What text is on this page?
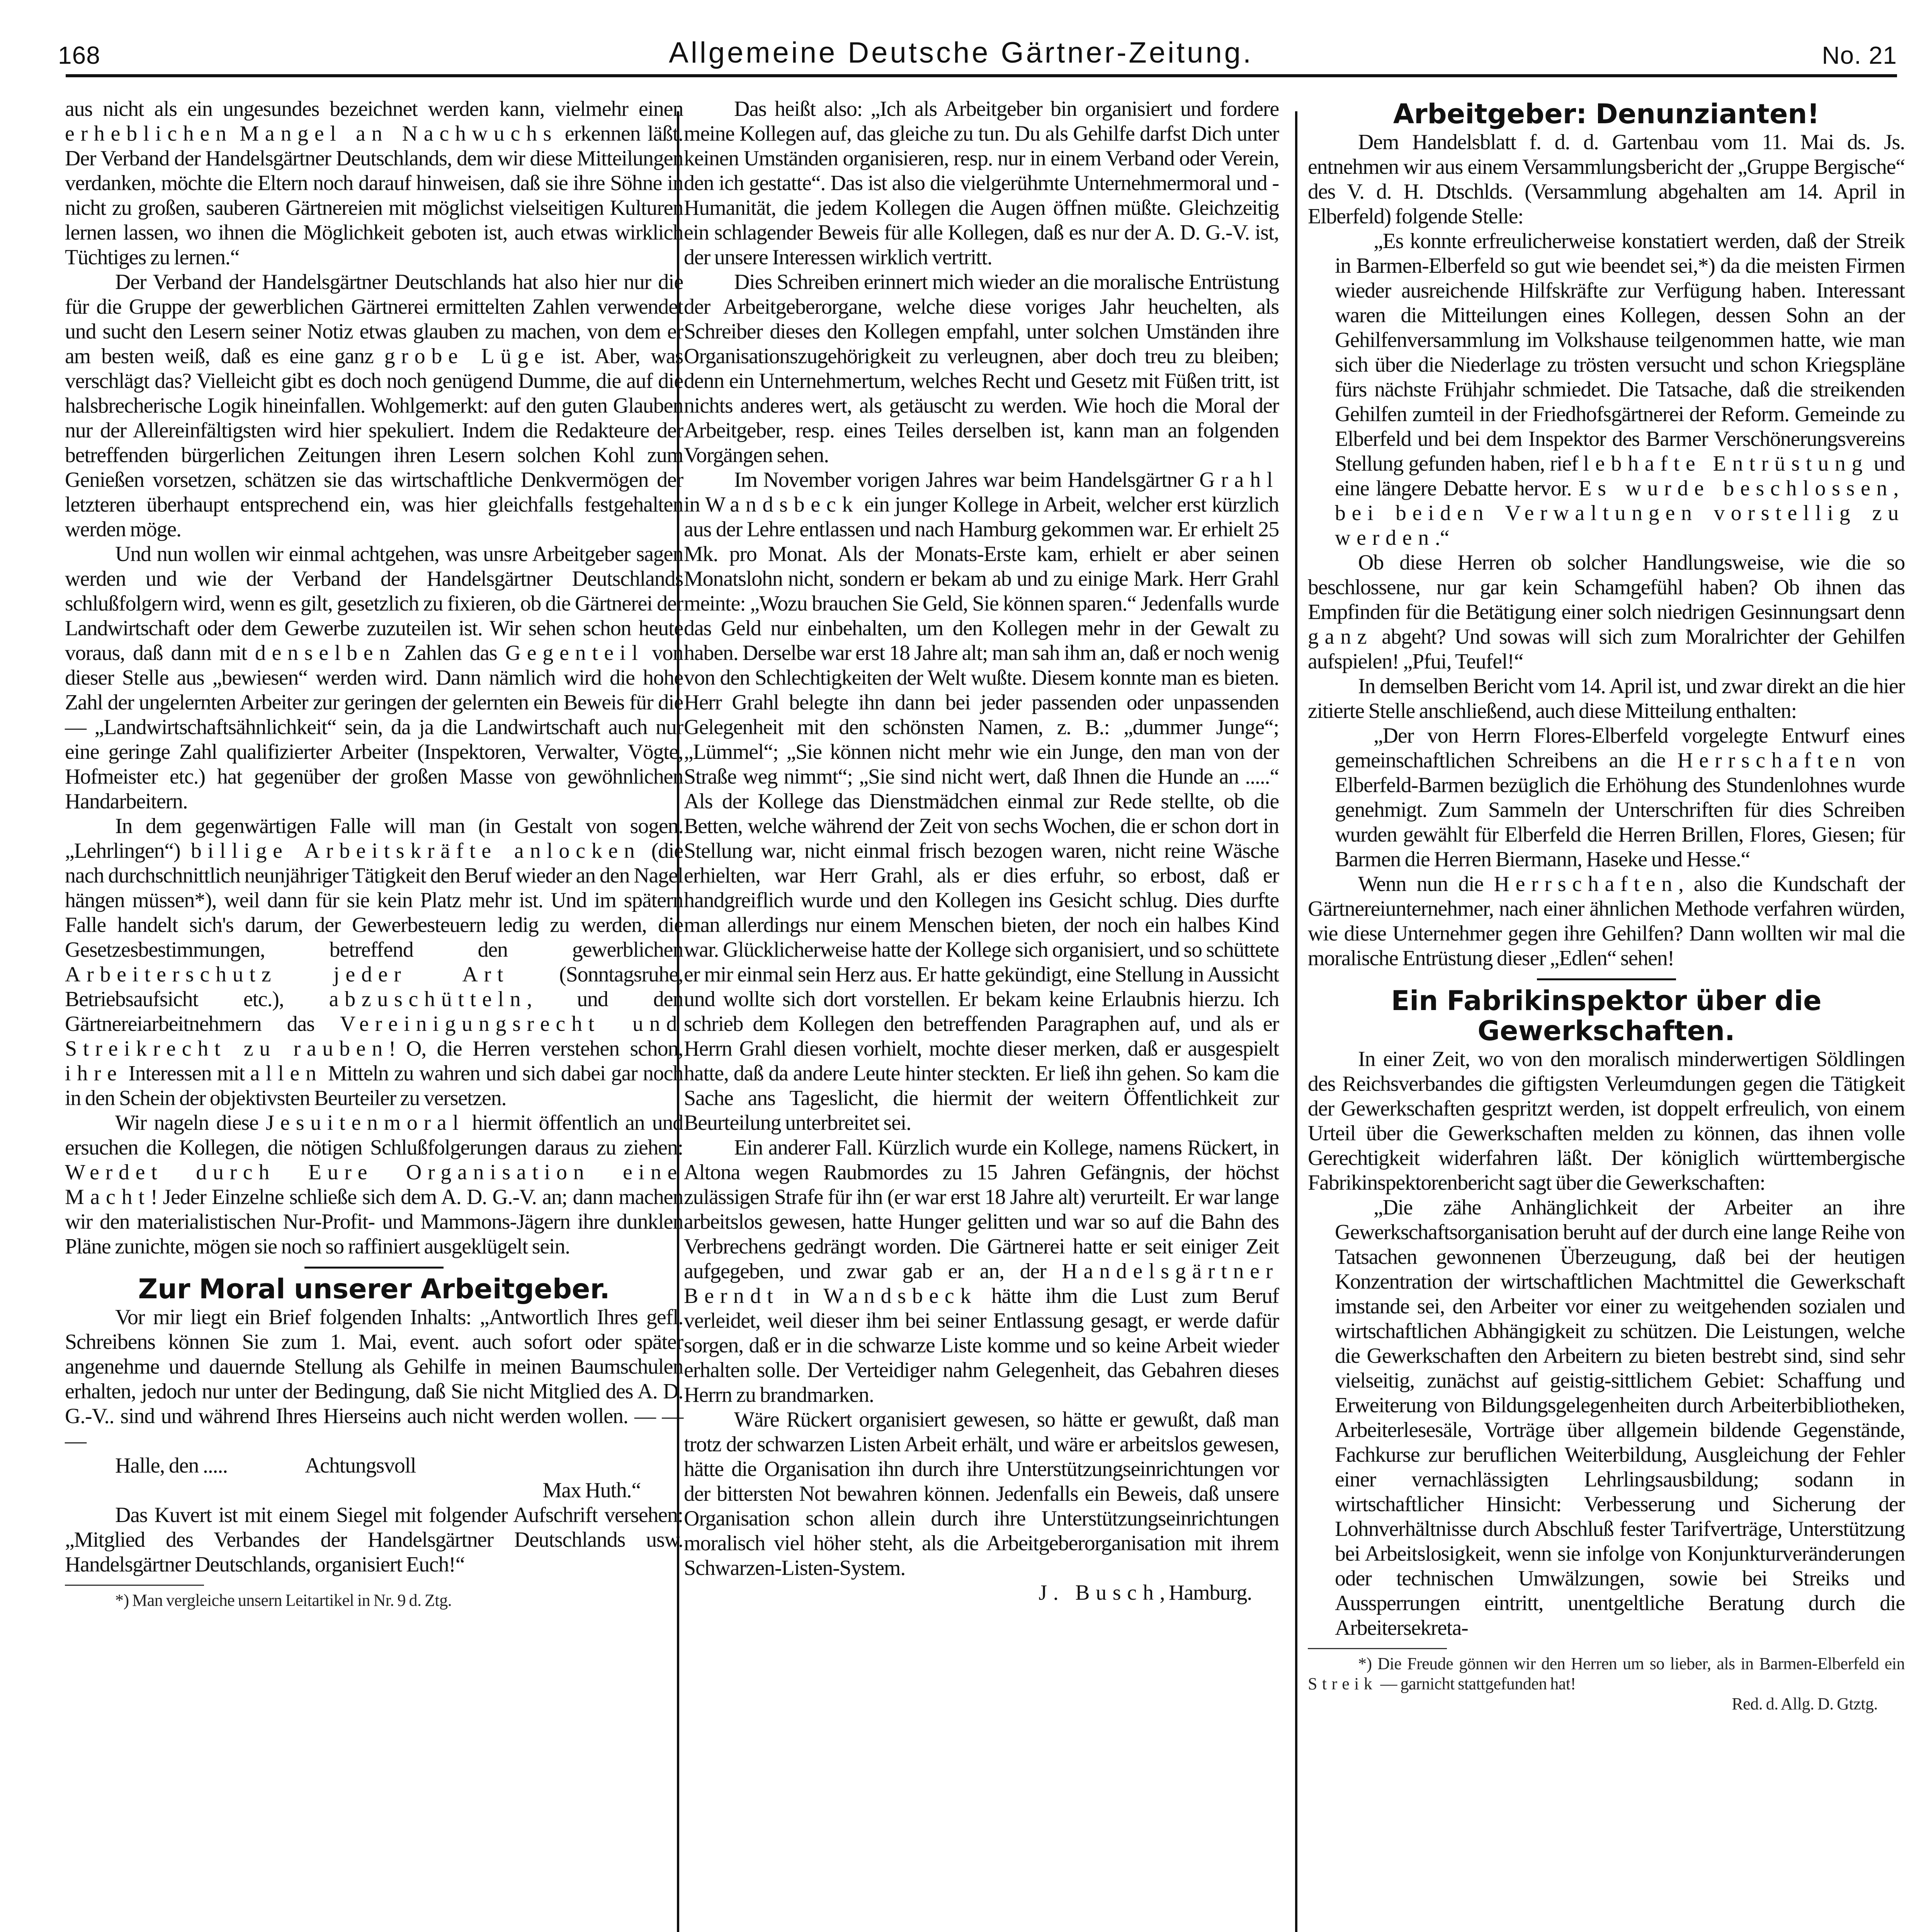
168	Allgemeine Deutsche Gärtner-Zeitung.	No. 21

aus nicht als ein ungesundes bezeichnet werden kann, vielmehr einen erheblichen Mangel an Nachwuchs erkennen läßt. Der Verband der Handelsgärtner Deutschlands, dem wir diese Mitteilungen verdanken, möchte die Eltern noch darauf hinweisen, daß sie ihre Söhne in nicht zu großen, sauberen Gärtnereien mit möglichst vielseitigen Kulturen lernen lassen, wo ihnen die Möglichkeit geboten ist, auch etwas wirklich Tüchtiges zu lernen.“

Der Verband der Handelsgärtner Deutschlands hat also hier nur die für die Gruppe der gewerblichen Gärtnerei ermittelten Zahlen verwendet und sucht den Lesern seiner Notiz etwas glauben zu machen, von dem er am besten weiß, daß es eine ganz grobe Lüge ist. Aber, was verschlägt das? Vielleicht gibt es doch noch genügend Dumme, die auf die halsbrecherische Logik hineinfallen. Wohlgemerkt: auf den guten Glauben nur der Allereinfältigsten wird hier spekuliert. Indem die Redakteure der betreffenden bürgerlichen Zeitungen ihren Lesern solchen Kohl zum Genießen vorsetzen, schätzen sie das wirtschaftliche Denkvermögen der letzteren überhaupt entsprechend ein, was hier gleichfalls festgehalten werden möge.

Und nun wollen wir einmal achtgehen, was unsre Arbeitgeber sagen werden und wie der Verband der Handelsgärtner Deutschlands schlußfolgern wird, wenn es gilt, gesetzlich zu fixieren, ob die Gärtnerei der Landwirtschaft oder dem Gewerbe zuzuteilen ist. Wir sehen schon heute voraus, daß dann mit denselben Zahlen das Gegenteil von dieser Stelle aus „bewiesen“ werden wird. Dann nämlich wird die hohe Zahl der ungelernten Arbeiter zur geringen der gelernten ein Beweis für die — „Landwirtschaftsähnlichkeit“ sein, da ja die Landwirtschaft auch nur eine geringe Zahl qualifizierter Arbeiter (Inspektoren, Verwalter, Vögte, Hofmeister etc.) hat gegenüber der großen Masse von gewöhnlichen Handarbeitern.

In dem gegenwärtigen Falle will man (in Gestalt von sogen. „Lehrlingen“) billige Arbeitskräfte anlocken (die nach durchschnittlich neunjähriger Tätigkeit den Beruf wieder an den Nagel hängen müssen*), weil dann für sie kein Platz mehr ist. Und im spätern Falle handelt sich's darum, der Gewerbesteuern ledig zu werden, die Gesetzesbestimmungen, betreffend den gewerblichen Arbeiterschutz jeder Art (Sonntagsruhe, Betriebsaufsicht etc.), abzuschütteln, und den Gärtnereiarbeitnehmern das Vereinigungsrecht und Streikrecht zu rauben! O, die Herren verstehen schon, ihre Interessen mit allen Mitteln zu wahren und sich dabei gar noch in den Schein der objektivsten Beurteiler zu versetzen.

Wir nageln diese Jesuitenmoral hiermit öffentlich an und ersuchen die Kollegen, die nötigen Schlußfolgerungen daraus zu ziehen: Werdet durch Eure Organisation eine Macht! Jeder Einzelne schließe sich dem A. D. G.-V. an; dann machen wir den materialistischen Nur-Profit- und Mammons-Jägern ihre dunklen Pläne zunichte, mögen sie noch so raffiniert ausgeklügelt sein.

Zur Moral unserer Arbeitgeber.

Vor mir liegt ein Brief folgenden Inhalts: „Antwortlich Ihres gefl. Schreibens können Sie zum 1. Mai, event. auch sofort oder später angenehme und dauernde Stellung als Gehilfe in meinen Baumschulen erhalten, jedoch nur unter der Bedingung, daß Sie nicht Mitglied des A. D. G.-V.. sind und während Ihres Hierseins auch nicht werden wollen. — — —

Halle, den .....	Achtungsvoll
Max Huth.“

Das Kuvert ist mit einem Siegel mit folgender Aufschrift versehen: „Mitglied des Verbandes der Handelsgärtner Deutschlands usw. Handelsgärtner Deutschlands, organisiert Euch!“

*) Man vergleiche unsern Leitartikel in Nr. 9 d. Ztg.

Das heißt also: „Ich als Arbeitgeber bin organisiert und fordere meine Kollegen auf, das gleiche zu tun. Du als Gehilfe darfst Dich unter keinen Umständen organisieren, resp. nur in einem Verband oder Verein, den ich gestatte“. Das ist also die vielgerühmte Unternehmermoral und -Humanität, die jedem Kollegen die Augen öffnen müßte. Gleichzeitig ein schlagender Beweis für alle Kollegen, daß es nur der A. D. G.-V. ist, der unsere Interessen wirklich vertritt.

Dies Schreiben erinnert mich wieder an die moralische Entrüstung der Arbeitgeberorgane, welche diese voriges Jahr heuchelten, als Schreiber dieses den Kollegen empfahl, unter solchen Umständen ihre Organisationszugehörigkeit zu verleugnen, aber doch treu zu bleiben; denn ein Unternehmertum, welches Recht und Gesetz mit Füßen tritt, ist nichts anderes wert, als getäuscht zu werden. Wie hoch die Moral der Arbeitgeber, resp. eines Teiles derselben ist, kann man an folgenden Vorgängen sehen.

Im November vorigen Jahres war beim Handelsgärtner Grahl in Wandsbeck ein junger Kollege in Arbeit, welcher erst kürzlich aus der Lehre entlassen und nach Hamburg gekommen war. Er erhielt 25 Mk. pro Monat. Als der Monats-Erste kam, erhielt er aber seinen Monatslohn nicht, sondern er bekam ab und zu einige Mark. Herr Grahl meinte: „Wozu brauchen Sie Geld, Sie können sparen.“ Jedenfalls wurde das Geld nur einbehalten, um den Kollegen mehr in der Gewalt zu haben. Derselbe war erst 18 Jahre alt; man sah ihm an, daß er noch wenig von den Schlechtigkeiten der Welt wußte. Diesem konnte man es bieten. Herr Grahl belegte ihn dann bei jeder passenden oder unpassenden Gelegenheit mit den schönsten Namen, z. B.: „dummer Junge“; „Lümmel“; „Sie können nicht mehr wie ein Junge, den man von der Straße weg nimmt“; „Sie sind nicht wert, daß Ihnen die Hunde an .....“ Als der Kollege das Dienstmädchen einmal zur Rede stellte, ob die Betten, welche während der Zeit von sechs Wochen, die er schon dort in Stellung war, nicht einmal frisch bezogen waren, nicht reine Wäsche erhielten, war Herr Grahl, als er dies erfuhr, so erbost, daß er handgreiflich wurde und den Kollegen ins Gesicht schlug. Dies durfte man allerdings nur einem Menschen bieten, der noch ein halbes Kind war. Glücklicherweise hatte der Kollege sich organisiert, und so schüttete er mir einmal sein Herz aus. Er hatte gekündigt, eine Stellung in Aussicht und wollte sich dort vorstellen. Er bekam keine Erlaubnis hierzu. Ich schrieb dem Kollegen den betreffenden Paragraphen auf, und als er Herrn Grahl diesen vorhielt, mochte dieser merken, daß er ausgespielt hatte, daß da andere Leute hinter steckten. Er ließ ihn gehen. So kam die Sache ans Tageslicht, die hiermit der weitern Öffentlichkeit zur Beurteilung unterbreitet sei.

Ein anderer Fall. Kürzlich wurde ein Kollege, namens Rückert, in Altona wegen Raubmordes zu 15 Jahren Gefängnis, der höchst zulässigen Strafe für ihn (er war erst 18 Jahre alt) verurteilt. Er war lange arbeitslos gewesen, hatte Hunger gelitten und war so auf die Bahn des Verbrechens gedrängt worden. Die Gärtnerei hatte er seit einiger Zeit aufgegeben, und zwar gab er an, der Handelsgärtner Berndt in Wandsbeck hätte ihm die Lust zum Beruf verleidet, weil dieser ihm bei seiner Entlassung gesagt, er werde dafür sorgen, daß er in die schwarze Liste komme und so keine Arbeit wieder erhalten solle. Der Verteidiger nahm Gelegenheit, das Gebahren dieses Herrn zu brandmarken.

Wäre Rückert organisiert gewesen, so hätte er gewußt, daß man trotz der schwarzen Listen Arbeit erhält, und wäre er arbeitslos gewesen, hätte die Organisation ihn durch ihre Unterstützungseinrichtungen vor der bittersten Not bewahren können. Jedenfalls ein Beweis, daß unsere Organisation schon allein durch ihre Unterstützungseinrichtungen moralisch viel höher steht, als die Arbeitgeberorganisation mit ihrem Schwarzen-Listen-System.

J. Busch, Hamburg.
Arbeitgeber: Denunzianten!

Dem Handelsblatt f. d. d. Gartenbau vom 11. Mai ds. Js. entnehmen wir aus einem Versammlungsbericht der „Gruppe Bergische“ des V. d. H. Dtschlds. (Versammlung abgehalten am 14. April in Elberfeld) folgende Stelle:

„Es konnte erfreulicherweise konstatiert werden, daß der Streik in Barmen-Elberfeld so gut wie beendet sei,*) da die meisten Firmen wieder ausreichende Hilfskräfte zur Verfügung haben. Interessant waren die Mitteilungen eines Kollegen, dessen Sohn an der Gehilfenversammlung im Volkshause teilgenommen hatte, wie man sich über die Niederlage zu trösten versucht und schon Kriegspläne fürs nächste Frühjahr schmiedet. Die Tatsache, daß die streikenden Gehilfen zumteil in der Friedhofsgärtnerei der Reform. Gemeinde zu Elberfeld und bei dem Inspektor des Barmer Verschönerungsvereins Stellung gefunden haben, rief lebhafte Entrüstung und eine längere Debatte hervor. Es wurde beschlossen, bei beiden Verwaltungen vorstellig zu werden.“

Ob diese Herren ob solcher Handlungsweise, wie die so beschlossene, nur gar kein Schamgefühl haben? Ob ihnen das Empfinden für die Betätigung einer solch niedrigen Gesinnungsart denn ganz abgeht? Und sowas will sich zum Moralrichter der Gehilfen aufspielen! „Pfui, Teufel!“

In demselben Bericht vom 14. April ist, und zwar direkt an die hier zitierte Stelle anschließend, auch diese Mitteilung enthalten:

„Der von Herrn Flores-Elberfeld vorgelegte Entwurf eines gemeinschaftlichen Schreibens an die Herrschaften von Elberfeld-Barmen bezüglich die Erhöhung des Stundenlohnes wurde genehmigt. Zum Sammeln der Unterschriften für dies Schreiben wurden gewählt für Elberfeld die Herren Brillen, Flores, Giesen; für Barmen die Herren Biermann, Haseke und Hesse.“

Wenn nun die Herrschaften, also die Kundschaft der Gärtnereiunternehmer, nach einer ähnlichen Methode verfahren würden, wie diese Unternehmer gegen ihre Gehilfen? Dann wollten wir mal die moralische Entrüstung dieser „Edlen“ sehen!

Ein Fabrikinspektor über die Gewerkschaften.

In einer Zeit, wo von den moralisch minderwertigen Söldlingen des Reichsverbandes die giftigsten Verleumdungen gegen die Tätigkeit der Gewerkschaften gespritzt werden, ist doppelt erfreulich, von einem Urteil über die Gewerkschaften melden zu können, das ihnen volle Gerechtigkeit widerfahren läßt. Der königlich württembergische Fabrikinspektorenbericht sagt über die Gewerkschaften:

„Die zähe Anhänglichkeit der Arbeiter an ihre Gewerkschaftsorganisation beruht auf der durch eine lange Reihe von Tatsachen gewonnenen Überzeugung, daß bei der heutigen Konzentration der wirtschaftlichen Machtmittel die Gewerkschaft imstande sei, den Arbeiter vor einer zu weitgehenden sozialen und wirtschaftlichen Abhängigkeit zu schützen. Die Leistungen, welche die Gewerkschaften den Arbeitern zu bieten bestrebt sind, sind sehr vielseitig, zunächst auf geistig-sittlichem Gebiet: Schaffung und Erweiterung von Bildungsgelegenheiten durch Arbeiterbibliotheken, Arbeiterlesesäle, Vorträge über allgemein bildende Gegenstände, Fachkurse zur beruflichen Weiterbildung, Ausgleichung der Fehler einer vernachlässigten Lehrlingsausbildung; sodann in wirtschaftlicher Hinsicht: Verbesserung und Sicherung der Lohnverhältnisse durch Abschluß fester Tarifverträge, Unterstützung bei Arbeitslosigkeit, wenn sie infolge von Konjunkturveränderungen oder technischen Umwälzungen, sowie bei Streiks und Aussperrungen eintritt, unentgeltliche Beratung durch die Arbeitersekreta-

*) Die Freude gönnen wir den Herren um so lieber, als in Barmen-Elberfeld ein Streik — garnicht stattgefunden hat!

Red. d. Allg. D. Gtztg.
